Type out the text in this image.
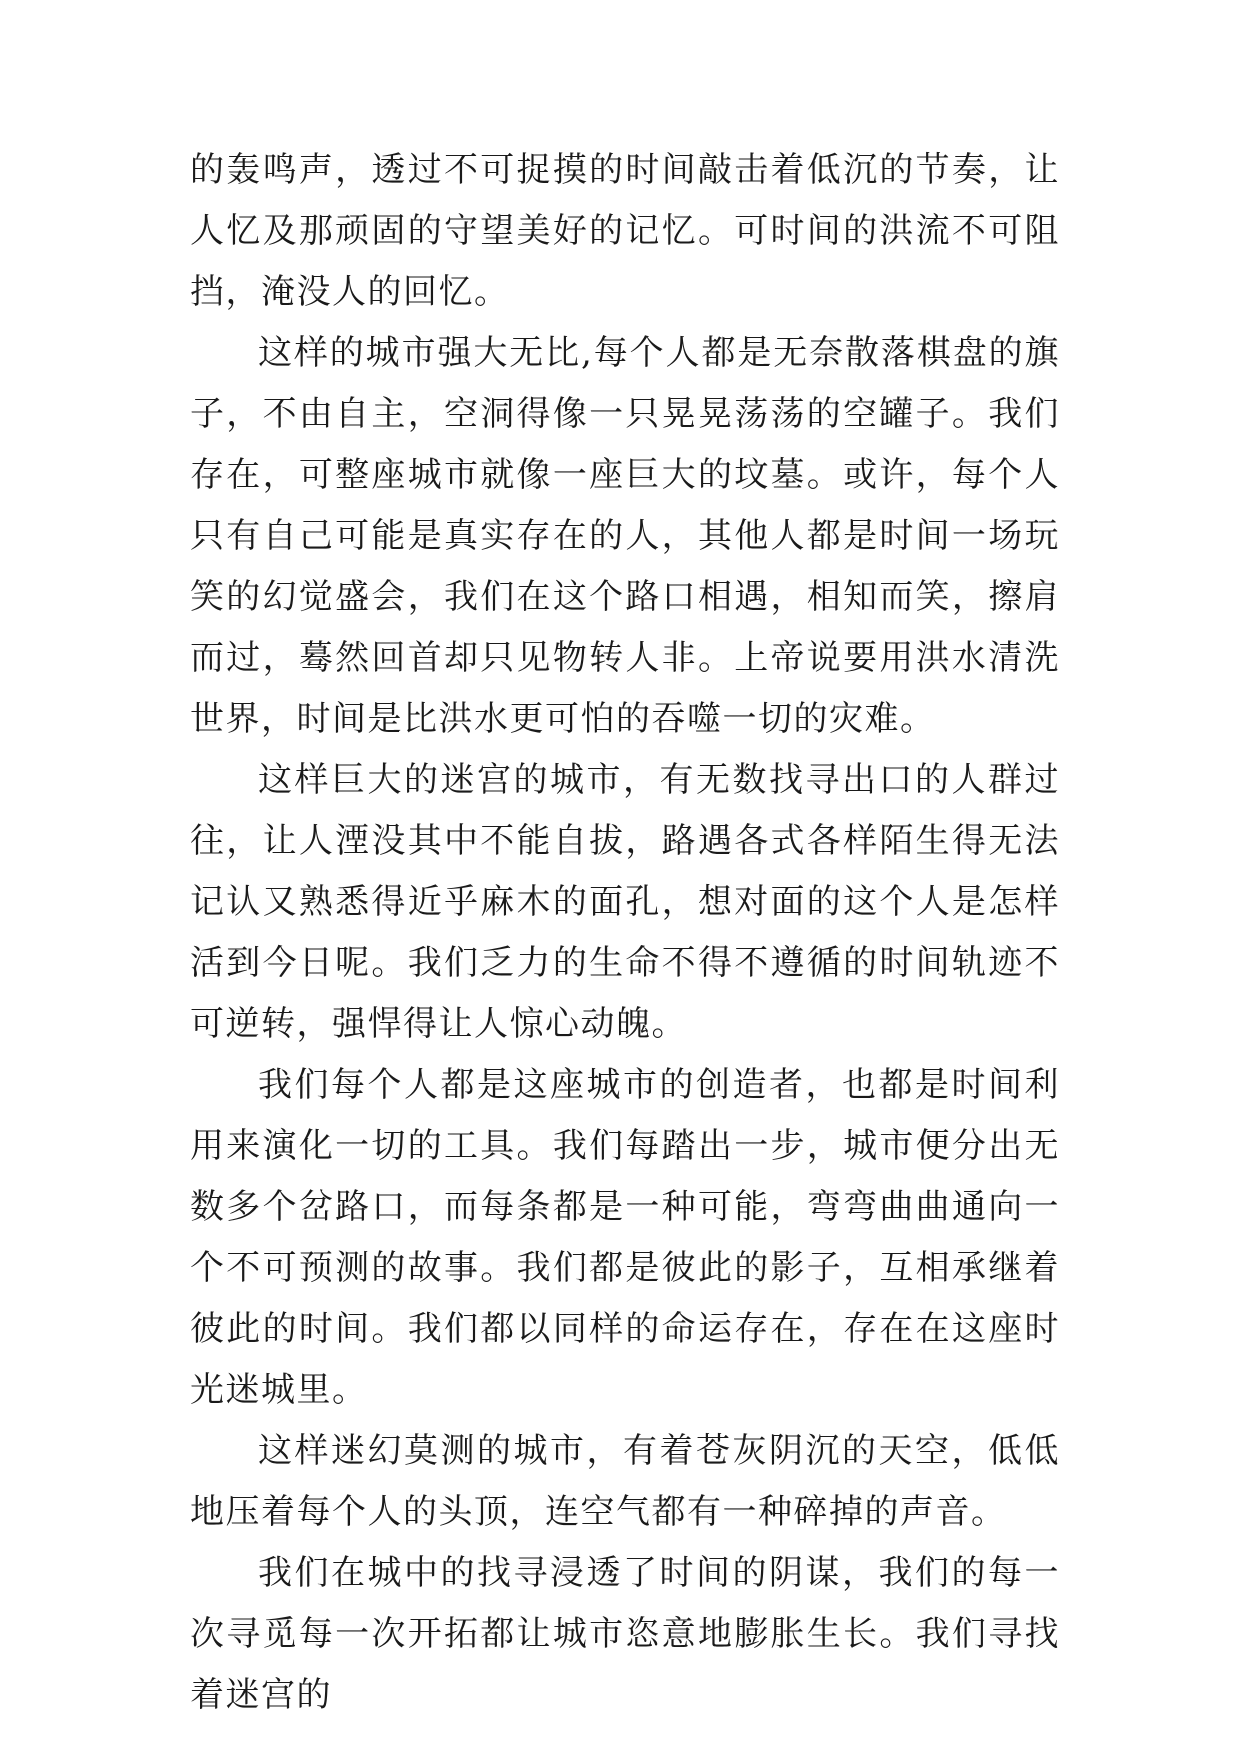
的轰鸣声，透过不可捉摸的时间敲击着低沉的节奏，让人忆及那顽固的守望美好的记忆。可时间的洪流不可阻挡，淹没人的回忆。

这样的城市强大无比,每个人都是无奈散落棋盘的旗子，不由自主，空洞得像一只晃晃荡荡的空罐子。我们存在，可整座城市就像一座巨大的坟墓。或许，每个人只有自己可能是真实存在的人，其他人都是时间一场玩笑的幻觉盛会，我们在这个路口相遇，相知而笑，擦肩而过，蓦然回首却只见物转人非。上帝说要用洪水清洗世界，时间是比洪水更可怕的吞噬一切的灾难。

这样巨大的迷宫的城市，有无数找寻出口的人群过往，让人湮没其中不能自拔，路遇各式各样陌生得无法记认又熟悉得近乎麻木的面孔，想对面的这个人是怎样活到今日呢。我们乏力的生命不得不遵循的时间轨迹不可逆转，强悍得让人惊心动魄。

我们每个人都是这座城市的创造者，也都是时间利用来演化一切的工具。我们每踏出一步，城市便分出无数多个岔路口，而每条都是一种可能，弯弯曲曲通向一个不可预测的故事。我们都是彼此的影子，互相承继着彼此的时间。我们都以同样的命运存在，存在在这座时光迷城里。

这样迷幻莫测的城市，有着苍灰阴沉的天空，低低地压着每个人的头顶，连空气都有一种碎掉的声音。

我们在城中的找寻浸透了时间的阴谋，我们的每一次寻觅每一次开拓都让城市恣意地膨胀生长。我们寻找着迷宫的
